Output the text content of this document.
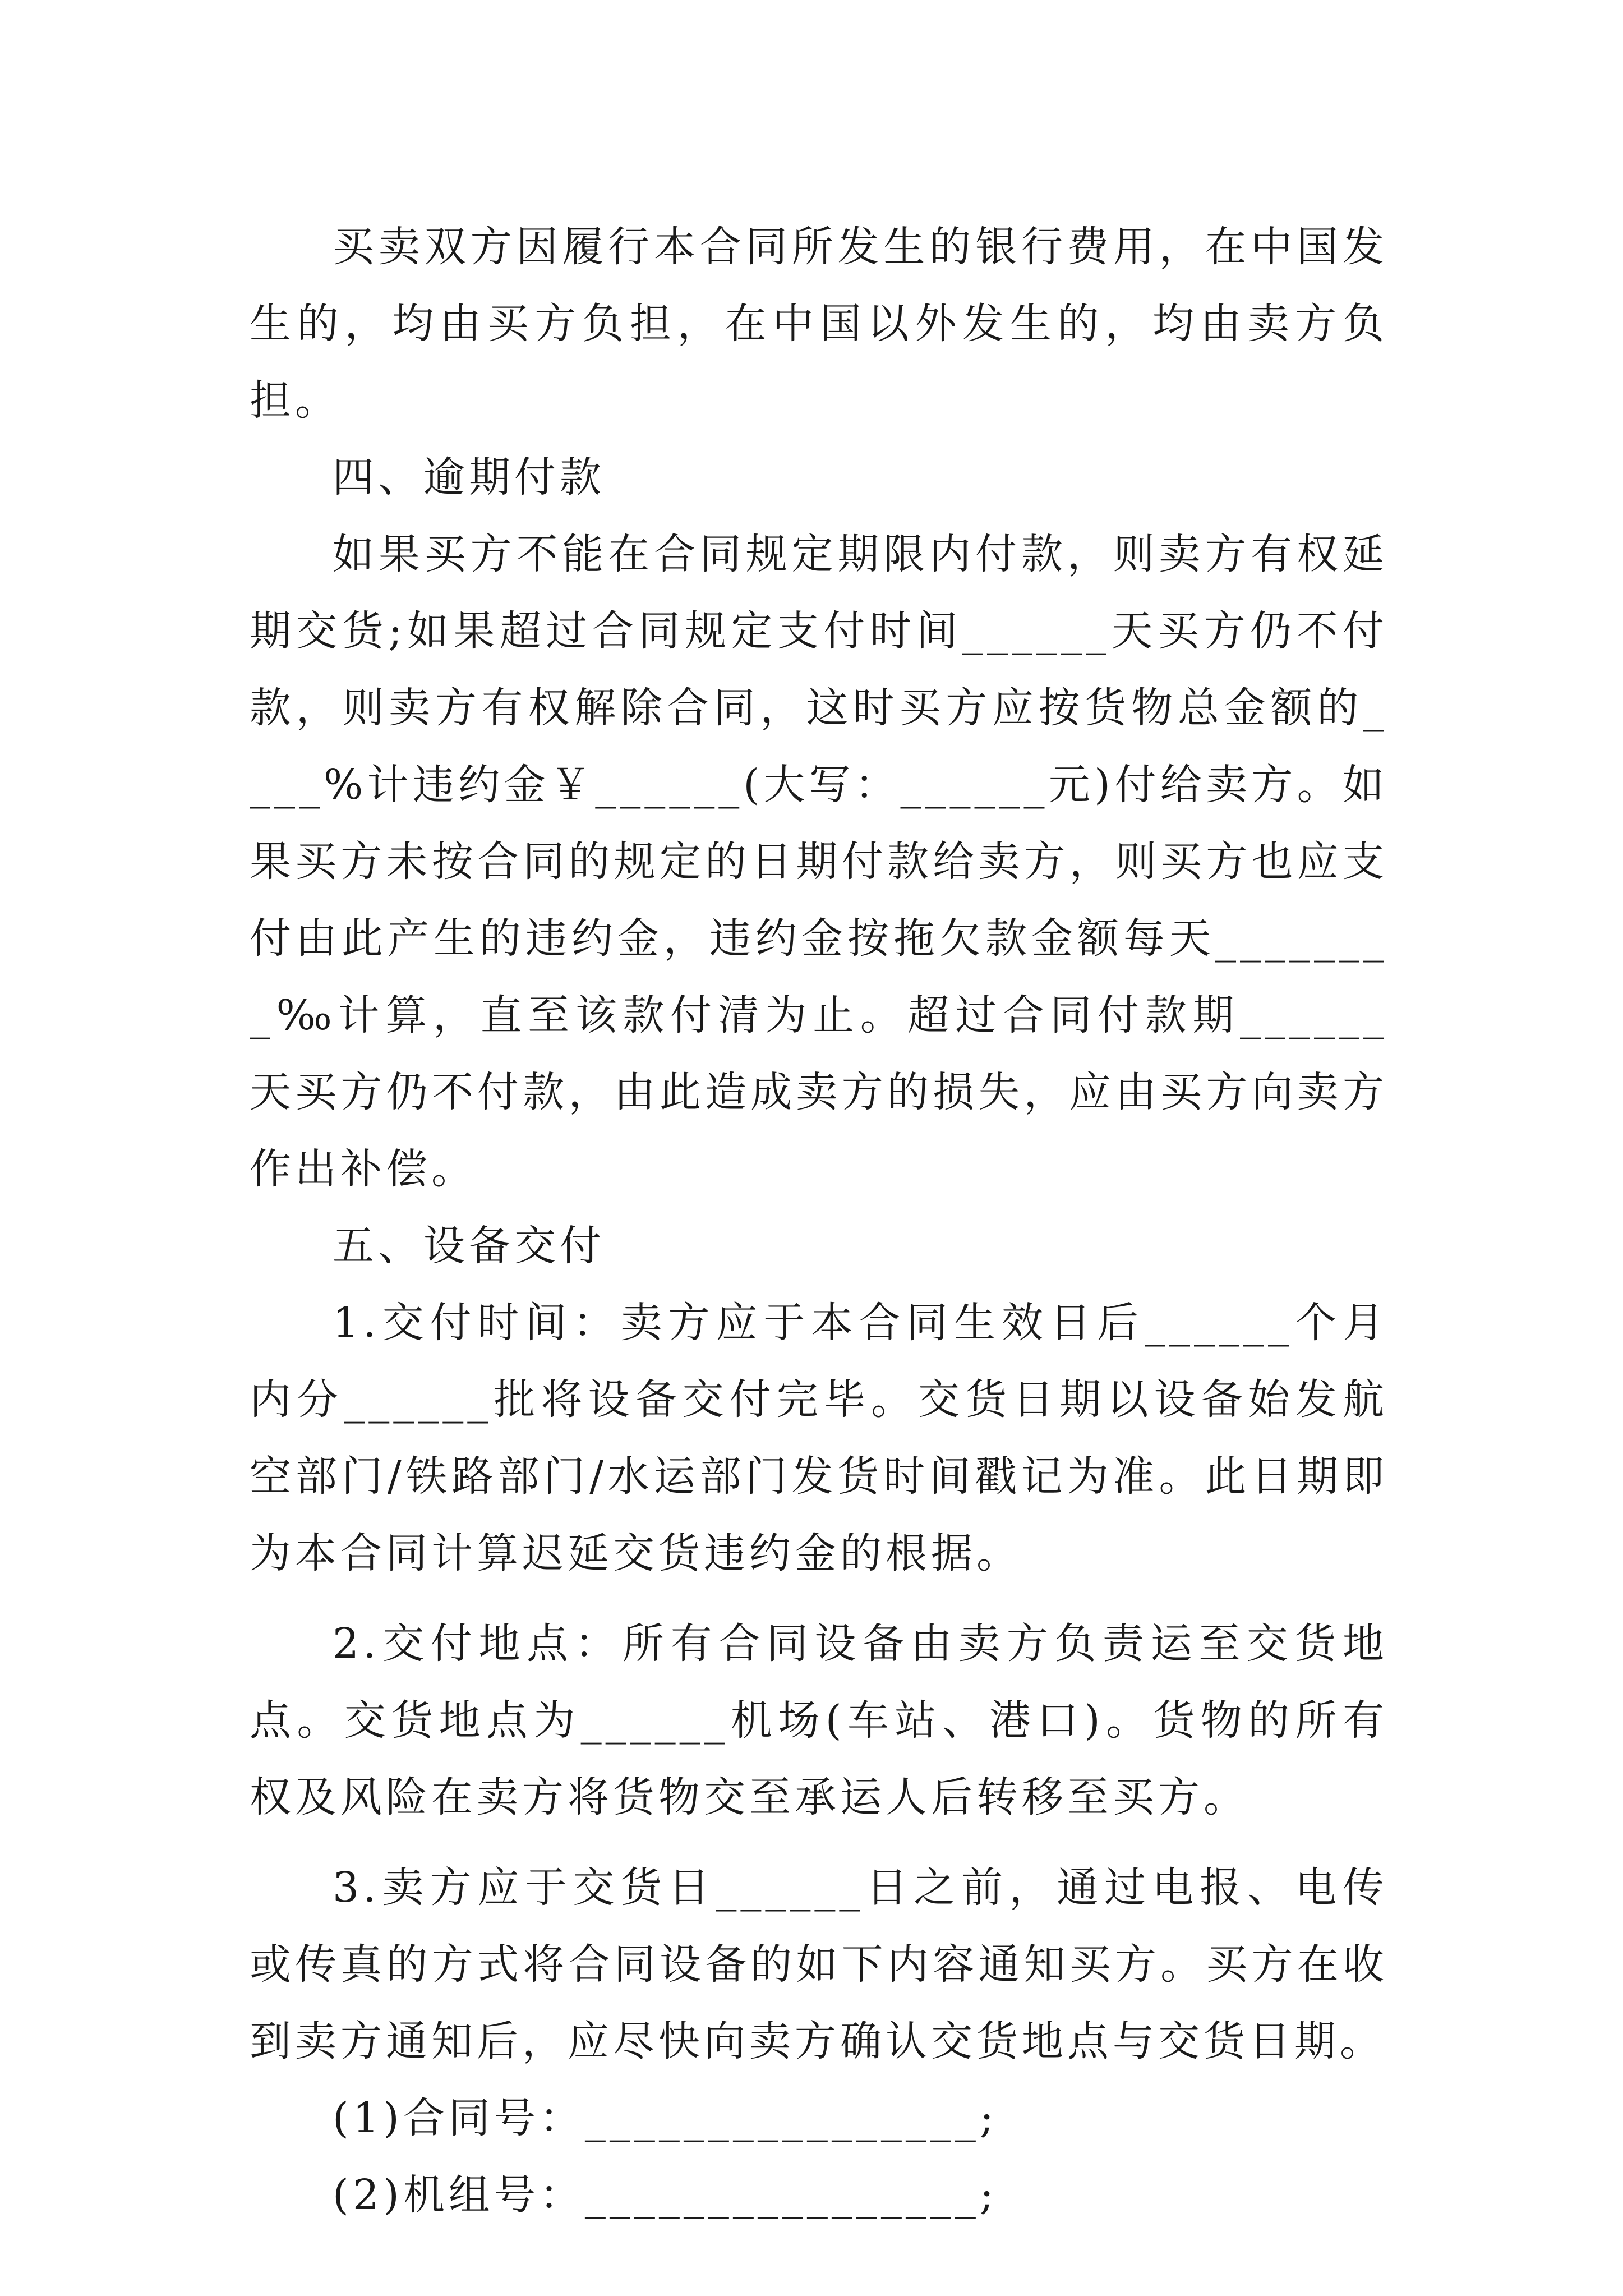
买卖双方因履行本合同所发生的银行费用，在中国发生的，均由买方负担，在中国以外发生的，均由卖方负担。

四、逾期付款

如果买方不能在合同规定期限内付款，则卖方有权延期交货;如果超过合同规定支付时间______天买方仍不付款，则卖方有权解除合同，这时买方应按货物总金额的____%计违约金￥______(大写：______元)付给卖方。如果买方未按合同的规定的日期付款给卖方，则买方也应支付由此产生的违约金，违约金按拖欠款金额每天________‰计算，直至该款付清为止。超过合同付款期______天买方仍不付款，由此造成卖方的损失，应由买方向卖方作出补偿。

五、设备交付

1.交付时间：卖方应于本合同生效日后______个月内分______批将设备交付完毕。交货日期以设备始发航空部门/铁路部门/水运部门发货时间戳记为准。此日期即为本合同计算迟延交货违约金的根据。

2.交付地点：所有合同设备由卖方负责运至交货地点。交货地点为______机场(车站、港口)。货物的所有权及风险在卖方将货物交至承运人后转移至买方。

3.卖方应于交货日______日之前，通过电报、电传或传真的方式将合同设备的如下内容通知买方。买方在收到卖方通知后，应尽快向卖方确认交货地点与交货日期。

(1)合同号：________________;

(2)机组号：________________;
